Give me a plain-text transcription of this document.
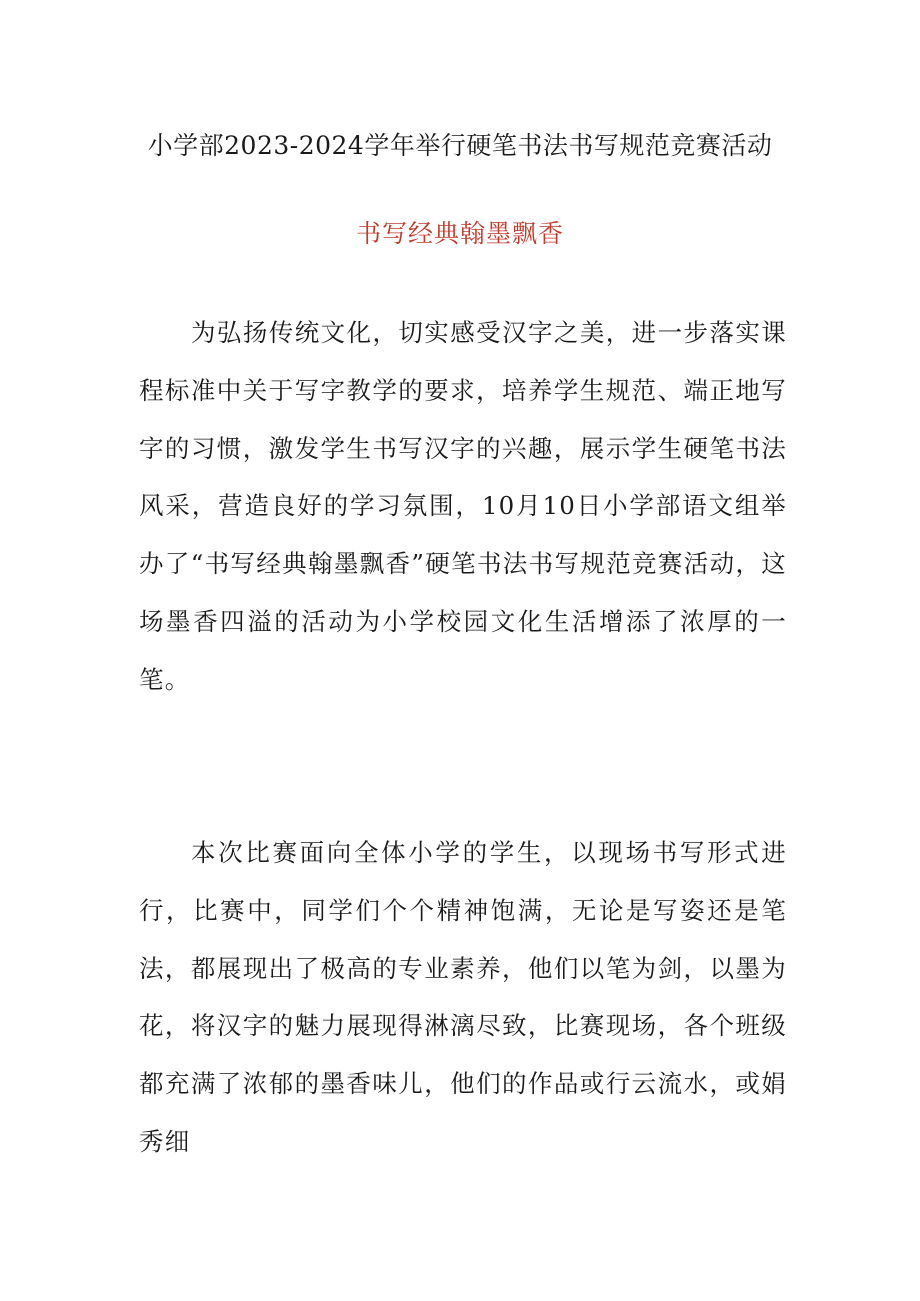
小学部2023-2024学年举行硬笔书法书写规范竞赛活动
书写经典翰墨飘香

为弘扬传统文化，切实感受汉字之美，进一步落实课程标准中关于写字教学的要求，培养学生规范、端正地写字的习惯，激发学生书写汉字的兴趣，展示学生硬笔书法风采，营造良好的学习氛围，10月10日小学部语文组举办了“书写经典翰墨飘香”硬笔书法书写规范竞赛活动，这场墨香四溢的活动为小学校园文化生活增添了浓厚的一笔。

本次比赛面向全体小学的学生，以现场书写形式进行，比赛中，同学们个个精神饱满，无论是写姿还是笔法，都展现出了极高的专业素养，他们以笔为剑，以墨为花，将汉字的魅力展现得淋漓尽致，比赛现场，各个班级都充满了浓郁的墨香味儿，他们的作品或行云流水，或娟秀细
